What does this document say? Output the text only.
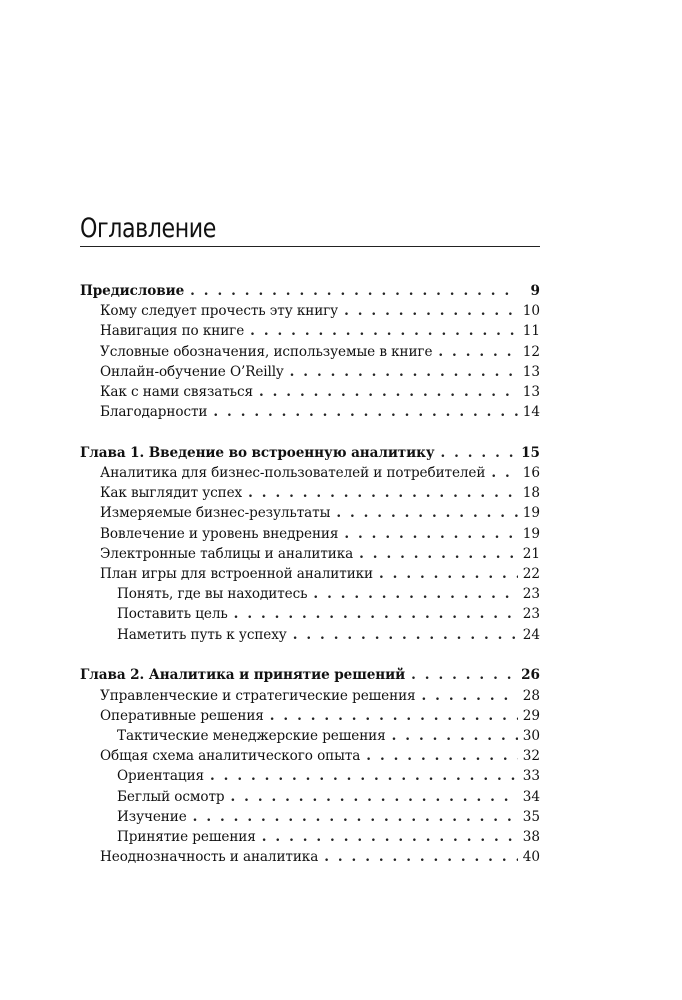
Оглавление
Предисловие . . .	9
Кому следует прочесть эту книгу . . .	10
Навигация по книге . . .	11
Условные обозначения, используемые в книге . . .	12
Онлайн-обучение O’Reilly . . .	13
Как с нами связаться . . .	13
Благодарности . . .	14
Глава 1. Введение во встроенную аналитику . . .	15
Аналитика для бизнес-пользователей и потребителей . . .	16
Как выглядит успех . . .	18
Измеряемые бизнес-результаты . . .	19
Вовлечение и уровень внедрения . . .	19
Электронные таблицы и аналитика . . .	21
План игры для встроенной аналитики . . .	22
Понять, где вы находитесь . . .	23
Поставить цель . . .	23
Наметить путь к успеху . . .	24
Глава 2. Аналитика и принятие решений . . .	26
Управленческие и стратегические решения . . .	28
Оперативные решения . . .	29
Тактические менеджерские решения . . .	30
Общая схема аналитического опыта . . .	32
Ориентация . . .	33
Беглый осмотр . . .	34
Изучение . . .	35
Принятие решения . . .	38
Неоднозначность и аналитика . . .	40
